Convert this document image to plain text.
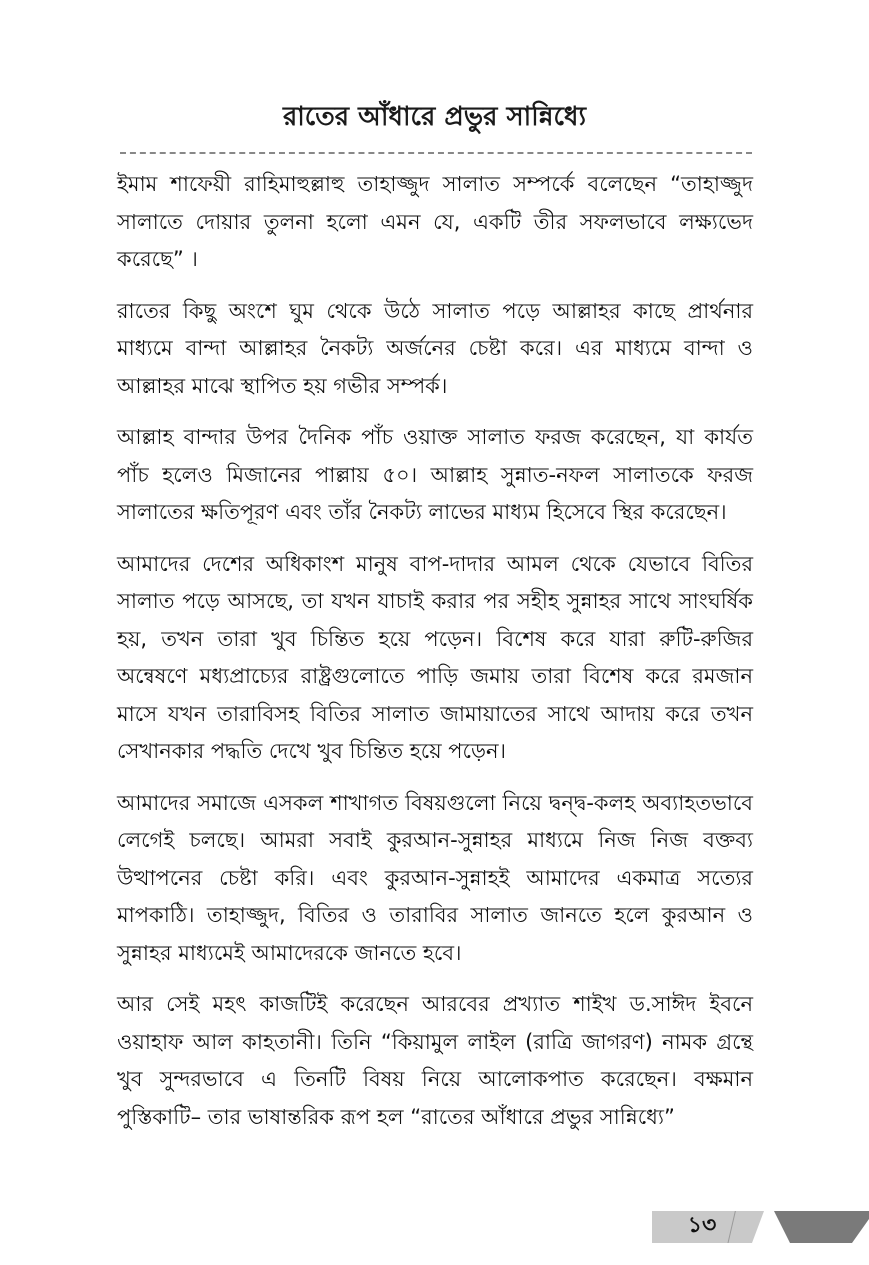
রাতের আঁধারে প্রভুর সান্নিধ্যে

ইমাম শাফেয়ী রাহিমাহুল্লাহু তাহাজ্জুদ সালাত সম্পর্কে বলেছেন “তাহাজ্জুদ সালাতে দোয়ার তুলনা হলো এমন যে, একটি তীর সফলভাবে লক্ষ্যভেদ করেছে” ।

রাতের কিছু অংশে ঘুম থেকে উঠে সালাত পড়ে আল্লাহর কাছে প্রার্থনার মাধ্যমে বান্দা আল্লাহর নৈকট্য অর্জনের চেষ্টা করে। এর মাধ্যমে বান্দা ও আল্লাহর মাঝে স্থাপিত হয় গভীর সম্পর্ক।

আল্লাহ বান্দার উপর দৈনিক পাঁচ ওয়াক্ত সালাত ফরজ করেছেন, যা কার্যত পাঁচ হলেও মিজানের পাল্লায় ৫০। আল্লাহ সুন্নাত-নফল সালাতকে ফরজ সালাতের ক্ষতিপূরণ এবং তাঁর নৈকট্য লাভের মাধ্যম হিসেবে স্থির করেছেন।

আমাদের দেশের অধিকাংশ মানুষ বাপ-দাদার আমল থেকে যেভাবে বিতির সালাত পড়ে আসছে, তা যখন যাচাই করার পর সহীহ সুন্নাহর সাথে সাংঘর্ষিক হয়, তখন তারা খুব চিন্তিত হয়ে পড়েন। বিশেষ করে যারা রুটি-রুজির অন্বেষণে মধ্যপ্রাচ্যের রাষ্ট্রগুলোতে পাড়ি জমায় তারা বিশেষ করে রমজান মাসে যখন তারাবিসহ বিতির সালাত জামায়াতের সাথে আদায় করে তখন সেখানকার পদ্ধতি দেখে খুব চিন্তিত হয়ে পড়েন।

আমাদের সমাজে এসকল শাখাগত বিষয়গুলো নিয়ে দ্বন্দ্ব-কলহ অব্যাহতভাবে লেগেই চলছে। আমরা সবাই কুরআন-সুন্নাহর মাধ্যমে নিজ নিজ বক্তব্য উত্থাপনের চেষ্টা করি। এবং কুরআন-সুন্নাহই আমাদের একমাত্র সত্যের মাপকাঠি। তাহাজ্জুদ, বিতির ও তারাবির সালাত জানতে হলে কুরআন ও সুন্নাহর মাধ্যমেই আমাদেরকে জানতে হবে।

আর সেই মহৎ কাজটিই করেছেন আরবের প্রখ্যাত শাইখ ড.সাঈদ ইবনে ওয়াহাফ আল কাহতানী। তিনি “কিয়ামুল লাইল (রাত্রি জাগরণ) নামক গ্রন্থে খুব সুন্দরভাবে এ তিনটি বিষয় নিয়ে আলোকপাত করেছেন। বক্ষমান পুস্তিকাটি– তার ভাষান্তরিক রূপ হল “রাতের আঁধারে প্রভুর সান্নিধ্যে”

১৩
